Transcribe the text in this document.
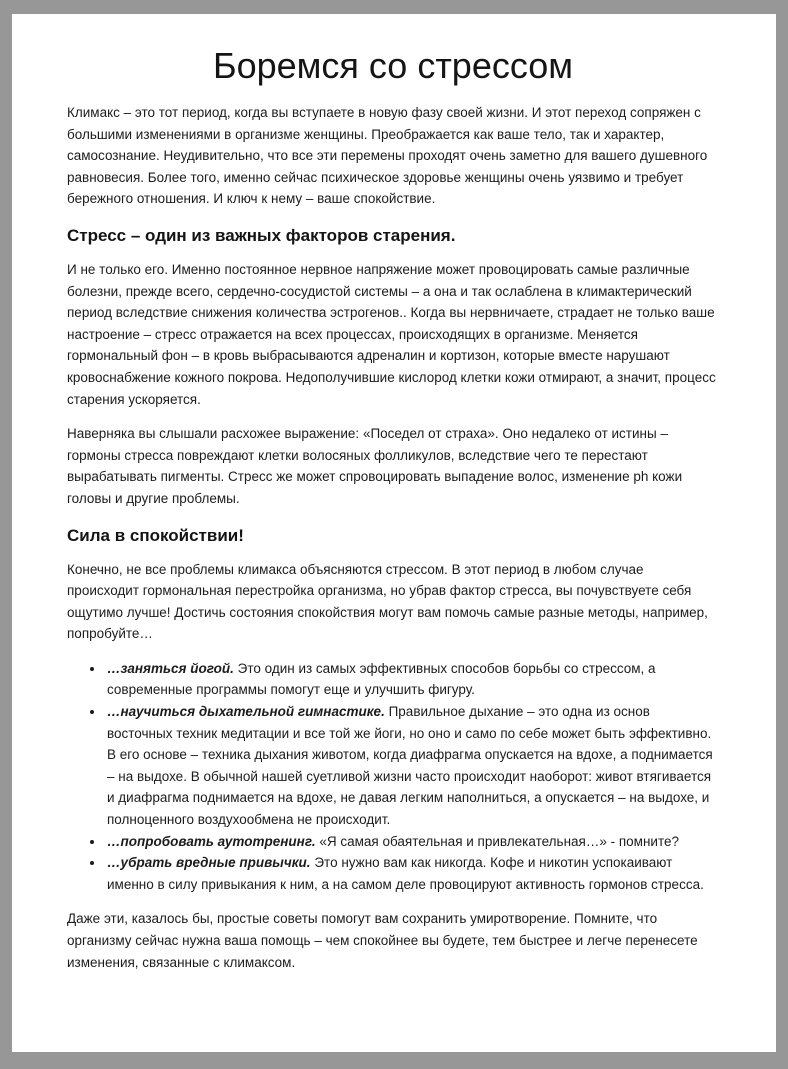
Боремся со стрессом

Климакс – это тот период, когда вы вступаете в новую фазу своей жизни. И этот переход сопряжен с большими изменениями в организме женщины. Преображается как ваше тело, так и характер, самосознание. Неудивительно, что все эти перемены проходят очень заметно для вашего душевного равновесия. Более того, именно сейчас психическое здоровье женщины очень уязвимо и требует бережного отношения. И ключ к нему – ваше спокойствие.

Стресс – один из важных факторов старения.

И не только его. Именно постоянное нервное напряжение может провоцировать самые различные болезни, прежде всего, сердечно-сосудистой системы – а она и так ослаблена в климактерический период вследствие снижения количества эстрогенов.. Когда вы нервничаете, страдает не только ваше настроение – стресс отражается на всех процессах, происходящих в организме. Меняется гормональный фон – в кровь выбрасываются адреналин и кортизон, которые вместе нарушают кровоснабжение кожного покрова. Недополучившие кислород клетки кожи отмирают, а значит, процесс старения ускоряется.

Наверняка вы слышали расхожее выражение: «Поседел от страха». Оно недалеко от истины – гормоны стресса повреждают клетки волосяных фолликулов, вследствие чего те перестают вырабатывать пигменты. Стресс же может спровоцировать выпадение волос, изменение ph кожи головы и другие проблемы.

Сила в спокойствии!

Конечно, не все проблемы климакса объясняются стрессом. В этот период в любом случае происходит гормональная перестройка организма, но убрав фактор стресса, вы почувствуете себя ощутимо лучше! Достичь состояния спокойствия могут вам помочь самые разные методы, например, попробуйте…

• …заняться йогой. Это один из самых эффективных способов борьбы со стрессом, а современные программы помогут еще и улучшить фигуру.
• …научиться дыхательной гимнастике. Правильное дыхание – это одна из основ восточных техник медитации и все той же йоги, но оно и само по себе может быть эффективно. В его основе – техника дыхания животом, когда диафрагма опускается на вдохе, а поднимается – на выдохе. В обычной нашей суетливой жизни часто происходит наоборот: живот втягивается и диафрагма поднимается на вдохе, не давая легким наполниться, а опускается – на выдохе, и полноценного воздухообмена не происходит.
• …попробовать аутотренинг. «Я самая обаятельная и привлекательная…» - помните?
• …убрать вредные привычки. Это нужно вам как никогда. Кофе и никотин успокаивают именно в силу привыкания к ним, а на самом деле провоцируют активность гормонов стресса.

Даже эти, казалось бы, простые советы помогут вам сохранить умиротворение. Помните, что организму сейчас нужна ваша помощь – чем спокойнее вы будете, тем быстрее и легче перенесете изменения, связанные с климаксом.
